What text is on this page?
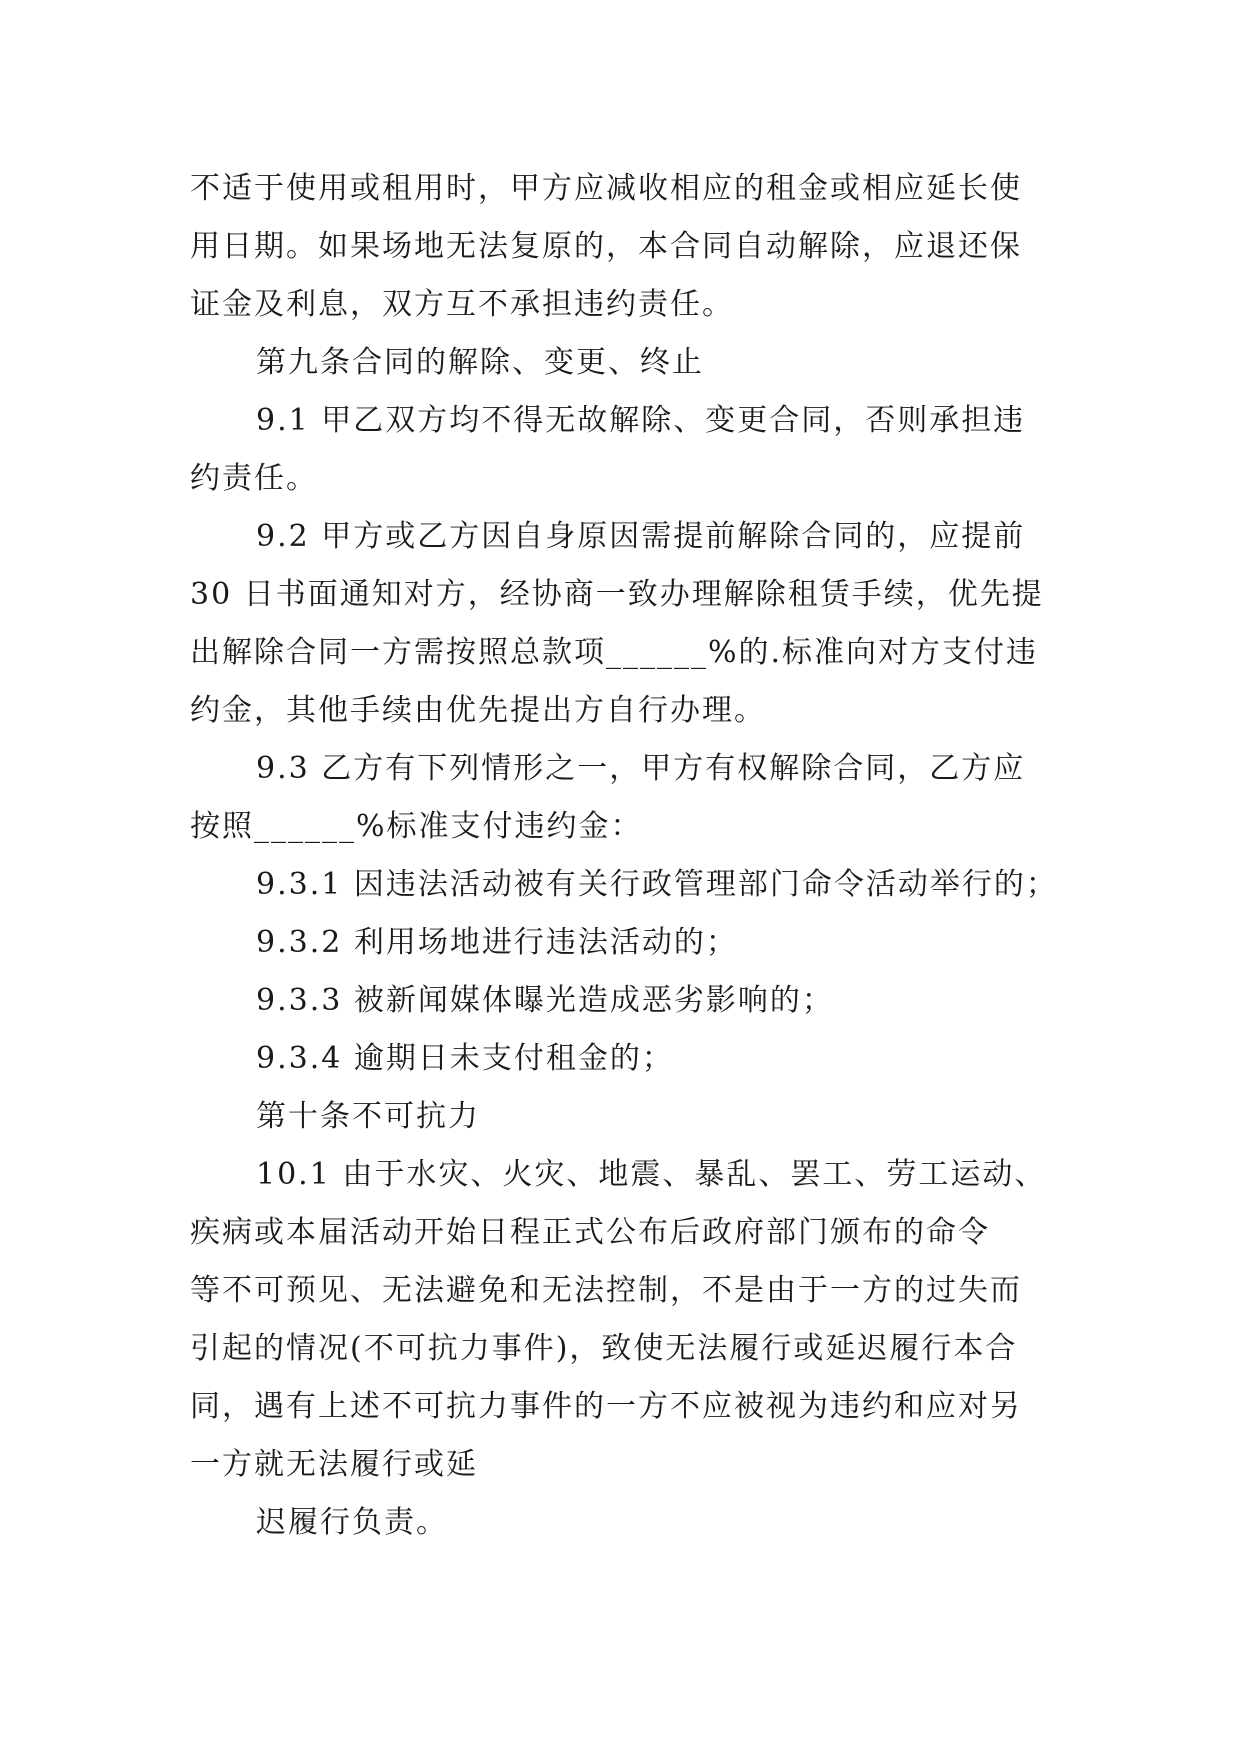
不适于使用或租用时，甲方应减收相应的租金或相应延长使
用日期。如果场地无法复原的，本合同自动解除，应退还保
证金及利息，双方互不承担违约责任。
第九条合同的解除、变更、终止
9.1 甲乙双方均不得无故解除、变更合同，否则承担违
约责任。
9.2 甲方或乙方因自身原因需提前解除合同的，应提前
30 日书面通知对方，经协商一致办理解除租赁手续，优先提
出解除合同一方需按照总款项______%的.标准向对方支付违
约金，其他手续由优先提出方自行办理。
9.3 乙方有下列情形之一，甲方有权解除合同，乙方应
按照______%标准支付违约金：
9.3.1 因违法活动被有关行政管理部门命令活动举行的；
9.3.2 利用场地进行违法活动的；
9.3.3 被新闻媒体曝光造成恶劣影响的；
9.3.4 逾期日未支付租金的；
第十条不可抗力
10.1 由于水灾、火灾、地震、暴乱、罢工、劳工运动、
疾病或本届活动开始日程正式公布后政府部门颁布的命令
等不可预见、无法避免和无法控制，不是由于一方的过失而
引起的情况(不可抗力事件)，致使无法履行或延迟履行本合
同，遇有上述不可抗力事件的一方不应被视为违约和应对另
一方就无法履行或延
迟履行负责。
